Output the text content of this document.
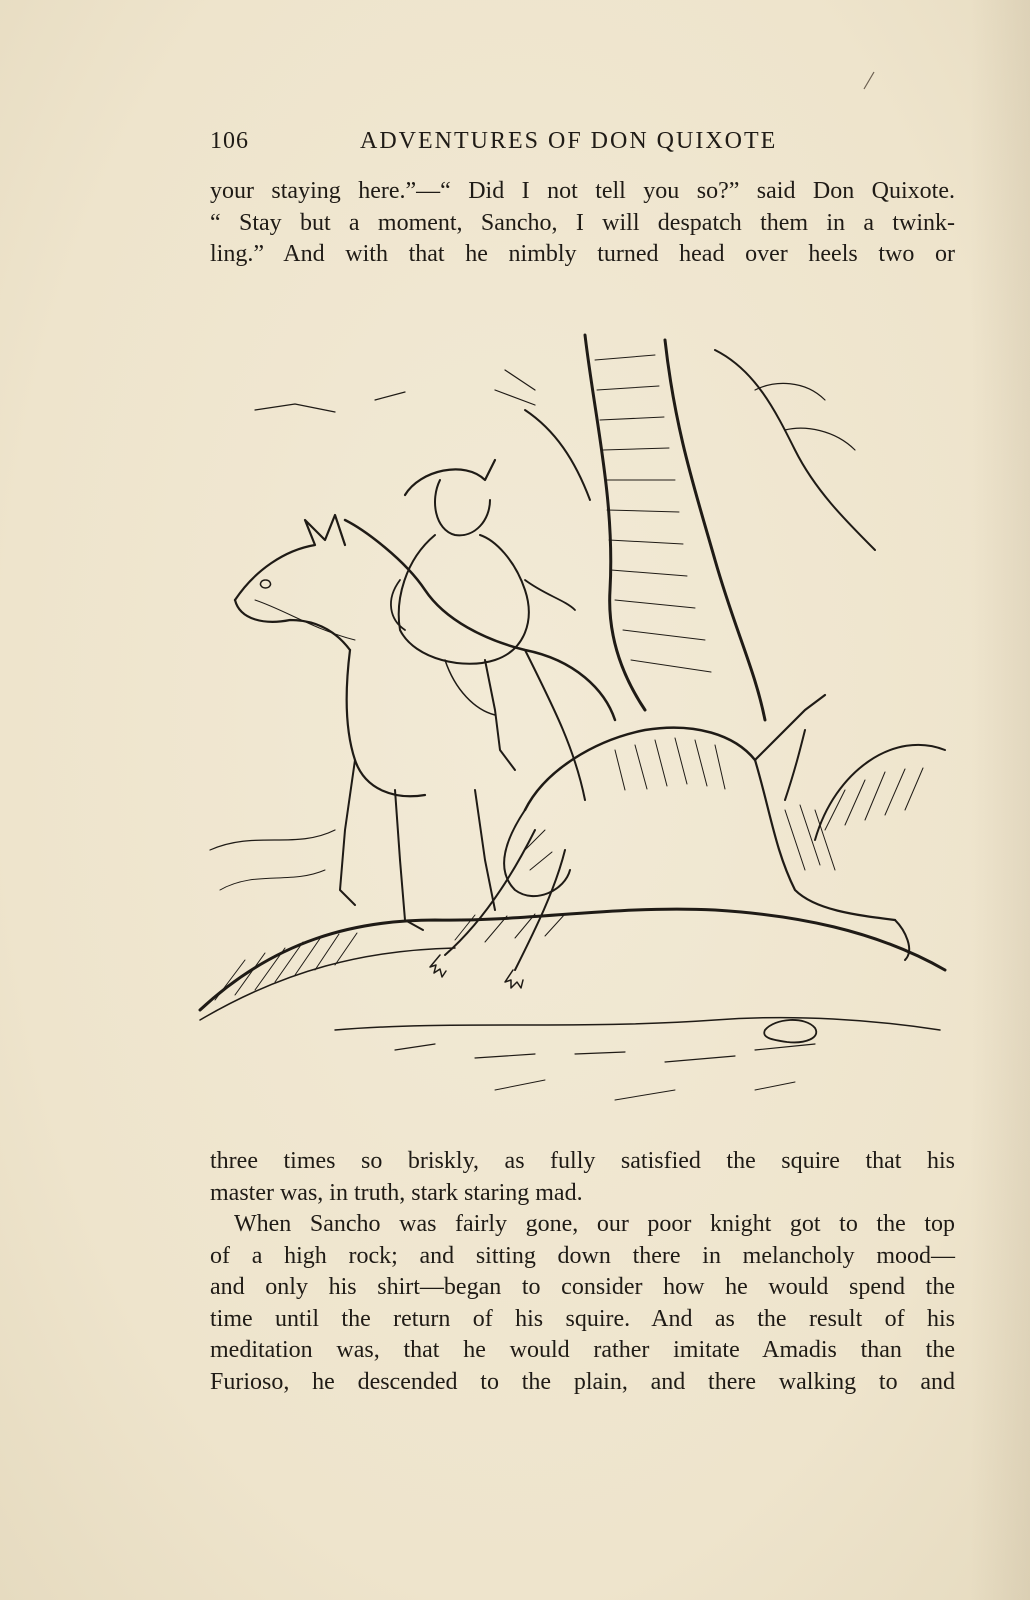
106	ADVENTURES OF DON QUIXOTE
your staying here.”—“ Did I not tell you so?” said Don Quixote.
“ Stay but a moment, Sancho, I will despatch them in a twink-
ling.” And with that he nimbly turned head over heels two or
three times so briskly, as fully satisfied the squire that his
master was, in truth, stark staring mad.
When Sancho was fairly gone, our poor knight got to the top
of a high rock; and sitting down there in melancholy mood—
and only his shirt—began to consider how he would spend the
time until the return of his squire. And as the result of his
meditation was, that he would rather imitate Amadis than the
Furioso, he descended to the plain, and there walking to and
